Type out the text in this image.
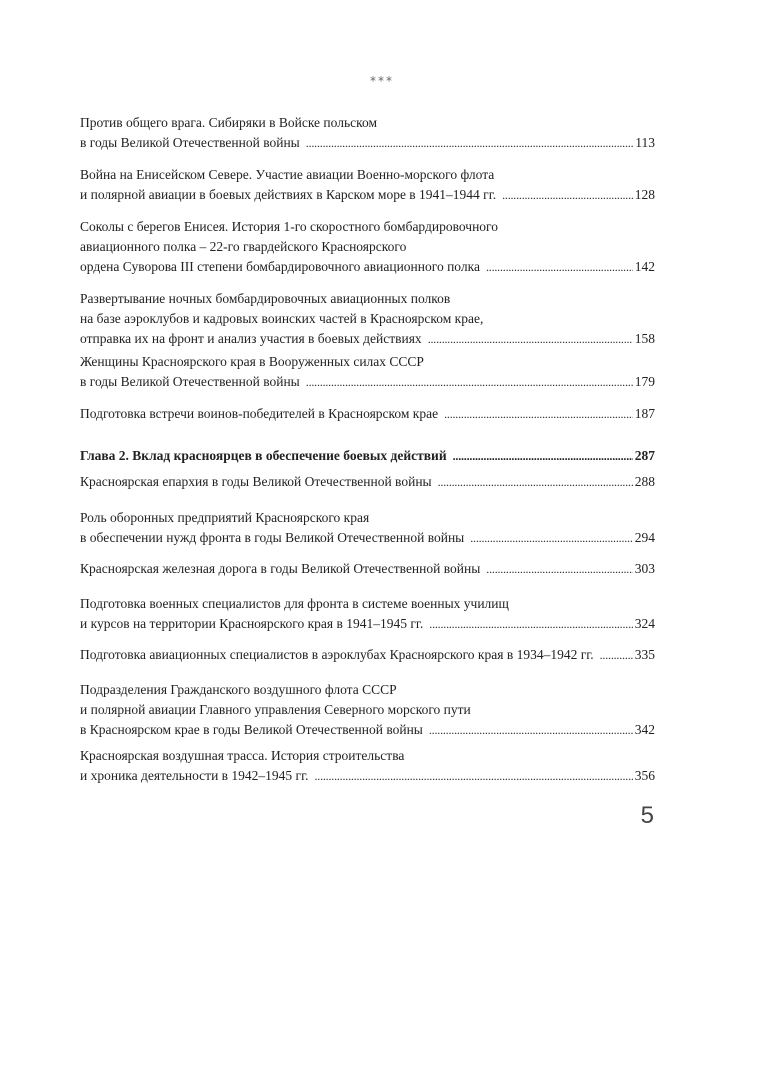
***
Против общего врага. Сибиряки в Войске польском
в годы Великой Отечественной войны . . .	113
Война на Енисейском Севере. Участие авиации Военно-морского флота
и полярной авиации в боевых действиях в Карском море в 1941–1944 гг. . . .	128
Соколы с берегов Енисея. История 1-го скоростного бомбардировочного
авиационного полка – 22-го гвардейского Красноярского
ордена Суворова III степени бомбардировочного авиационного полка . . .	142
Развертывание ночных бомбардировочных авиационных полков
на базе аэроклубов и кадровых воинских частей в Красноярском крае,
отправка их на фронт и анализ участия в боевых действиях . . .	158
Женщины Красноярского края в Вооруженных силах СССР
в годы Великой Отечественной войны . . .	179
Подготовка встречи воинов-победителей в Красноярском крае . . .	187
Глава 2. Вклад красноярцев в обеспечение боевых действий . . .	287
Красноярская епархия в годы Великой Отечественной войны . . .	288
Роль оборонных предприятий Красноярского края
в обеспечении нужд фронта в годы Великой Отечественной войны . . .	294
Красноярская железная дорога в годы Великой Отечественной войны . . .	303
Подготовка военных специалистов для фронта в системе военных училищ
и курсов на территории Красноярского края в 1941–1945 гг. . . .	324
Подготовка авиационных специалистов в аэроклубах Красноярского края в 1934–1942 гг. . . .	335
Подразделения Гражданского воздушного флота СССР
и полярной авиации Главного управления Северного морского пути
в Красноярском крае в годы Великой Отечественной войны . . .	342
Красноярская воздушная трасса. История строительства
и хроника деятельности в 1942–1945 гг. . . .	356
5
